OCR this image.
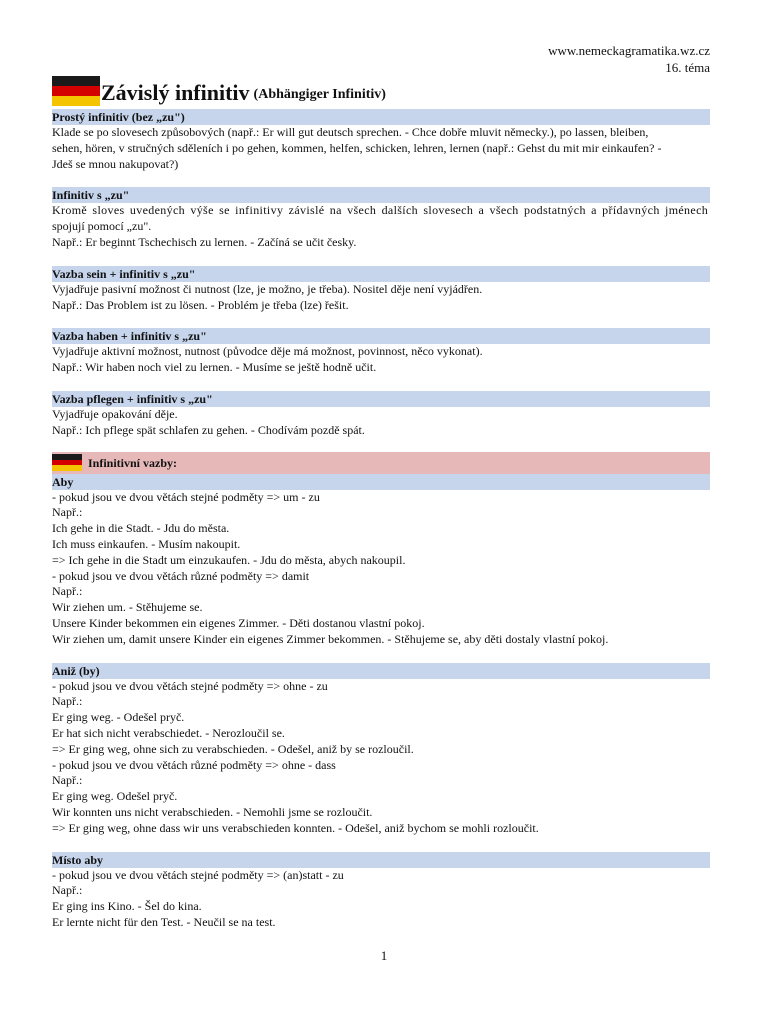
www.nemeckagramatika.wz.cz
16. téma
Závislý infinitiv (Abhängiger Infinitiv)
Prostý infinitiv (bez „zu")
Klade se po slovesech způsobových (např.: Er will gut deutsch sprechen. - Chce dobře mluvit německy.), po lassen, bleiben,
sehen, hören, v stručných sděleních i po gehen, kommen, helfen, schicken, lehren, lernen (např.: Gehst du mit mir einkaufen? -
Jdeš se mnou nakupovat?)
Infinitiv s „zu"
Kromě sloves uvedených výše se infinitivy závislé na všech dalších slovesech a všech podstatných a přídavných jménech
spojují pomocí „zu".
Např.: Er beginnt Tschechisch zu lernen. - Začíná se učit česky.
Vazba sein + infinitiv s „zu"
Vyjadřuje pasivní možnost či nutnost (lze, je možno, je třeba). Nositel děje není vyjádřen.
Např.: Das Problem ist zu lösen. - Problém je třeba (lze) řešit.
Vazba haben + infinitiv s „zu"
Vyjadřuje aktivní možnost, nutnost (původce děje má možnost, povinnost, něco vykonat).
Např.: Wir haben noch viel zu lernen. - Musíme se ještě hodně učit.
Vazba pflegen + infinitiv s „zu"
Vyjadřuje opakování děje.
Např.: Ich pflege spät schlafen zu gehen. - Chodívám pozdě spát.
Infinitivní vazby:
Aby
- pokud jsou ve dvou větách stejné podměty => um - zu
Např.:
Ich gehe in die Stadt. - Jdu do města.
Ich muss einkaufen. - Musím nakoupit.
=> Ich gehe in die Stadt um einzukaufen. - Jdu do města, abych nakoupil.
- pokud jsou ve dvou větách různé podměty => damit
Např.:
Wir ziehen um. - Stěhujeme se.
Unsere Kinder bekommen ein eigenes Zimmer. - Děti dostanou vlastní pokoj.
Wir ziehen um, damit unsere Kinder ein eigenes Zimmer bekommen. - Stěhujeme se, aby děti dostaly vlastní pokoj.
Aniž (by)
- pokud jsou ve dvou větách stejné podměty => ohne - zu
Např.:
Er ging weg. - Odešel pryč.
Er hat sich nicht verabschiedet. - Nerozloučil se.
=> Er ging weg, ohne sich zu verabschieden. - Odešel, aniž by se rozloučil.
- pokud jsou ve dvou větách různé podměty => ohne - dass
Např.:
Er ging weg. Odešel pryč.
Wir konnten uns nicht verabschieden. - Nemohli jsme se rozloučit.
=> Er ging weg, ohne dass wir uns verabschieden konnten. - Odešel, aniž bychom se mohli rozloučit.
Místo aby
- pokud jsou ve dvou větách stejné podměty => (an)statt - zu
Např.:
Er ging ins Kino. - Šel do kina.
Er lernte nicht für den Test. - Neučil se na test.
1
